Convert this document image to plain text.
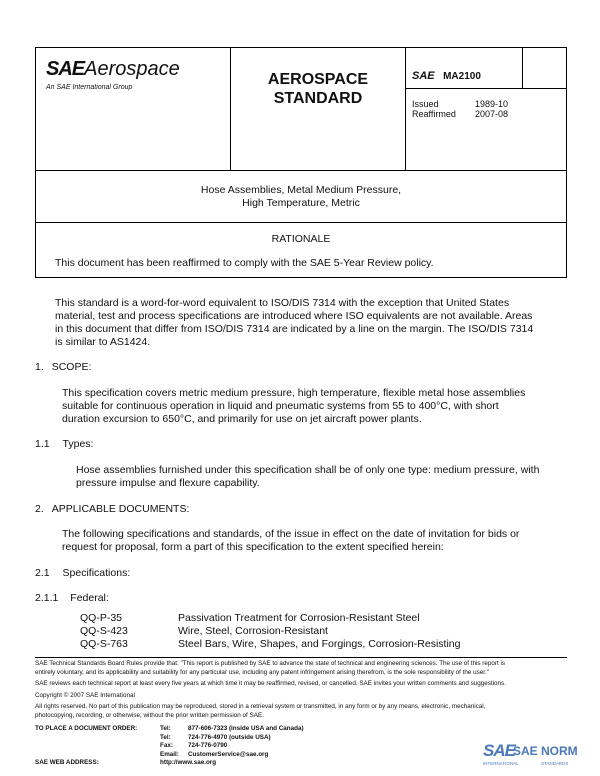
SAEAerospace
An SAE International Group	AEROSPACE
STANDARD
SAE MA2100
Issued	1989-10
Reaffirmed 2007-08
Hose Assemblies, Metal Medium Pressure,
High Temperature, Metric
RATIONALE
This document has been reaffirmed to comply with the SAE 5-Year Review policy.
This standard is a word-for-word equivalent to ISO/DIS 7314 with the exception that United States
material, test and process specifications are introduced where ISO equivalents are not available. Areas
in this document that differ from ISO/DIS 7314 are indicated by a line on the margin. The ISO/DIS 7314
is similar to AS1424.
1. SCOPE:
This specification covers metric medium pressure, high temperature, flexible metal hose assemblies
suitable for continuous operation in liquid and pneumatic systems from 55 to 400°C, with short
duration excursion to 650°C, and primarily for use on jet aircraft power plants.
1.1 Types:
Hose assemblies furnished under this specification shall be of only one type: medium pressure, with
pressure impulse and flexure capability.
2. APPLICABLE DOCUMENTS:
The following specifications and standards, of the issue in effect on the date of invitation for bids or
request for proposal, form a part of this specification to the extent specified herein:
2.1 Specifications:
2.1.1 Federal:
QQ-P-35	Passivation Treatment for Corrosion-Resistant Steel
QQ-S-423	Wire, Steel, Corrosion-Resistant
QQ-S-763	Steel Bars, Wire, Shapes, and Forgings, Corrosion-Resisting
SAE Technical Standards Board Rules provide that: "This report is published by SAE to advance the state of technical and engineering sciences. The use of this report is
entirely voluntary, and its applicability and suitability for any particular use, including any patent infringement arising therefrom, is the sole responsibility of the user."
SAE reviews each technical report at least every five years at which time it may be reaffirmed, revised, or cancelled. SAE invites your written comments and suggestions.
Copyright © 2007 SAE International
All rights reserved. No part of this publication may be reproduced, stored in a retrieval system or transmitted, in any form or by any means, electronic, mechanical,
photocopying, recording, or otherwise, without the prior written permission of SAE.
TO PLACE A DOCUMENT ORDER:	Tel:	877-606-7323 (inside USA and Canada)
Tel:	724-776-4970 (outside USA)
Fax: 724-776-0790
Email: CustomerService@sae.org
http://www.sae.org
SAE WEB ADDRESS:
SAE
SAE NORM
INTERNATIONAL	STANDARDS
